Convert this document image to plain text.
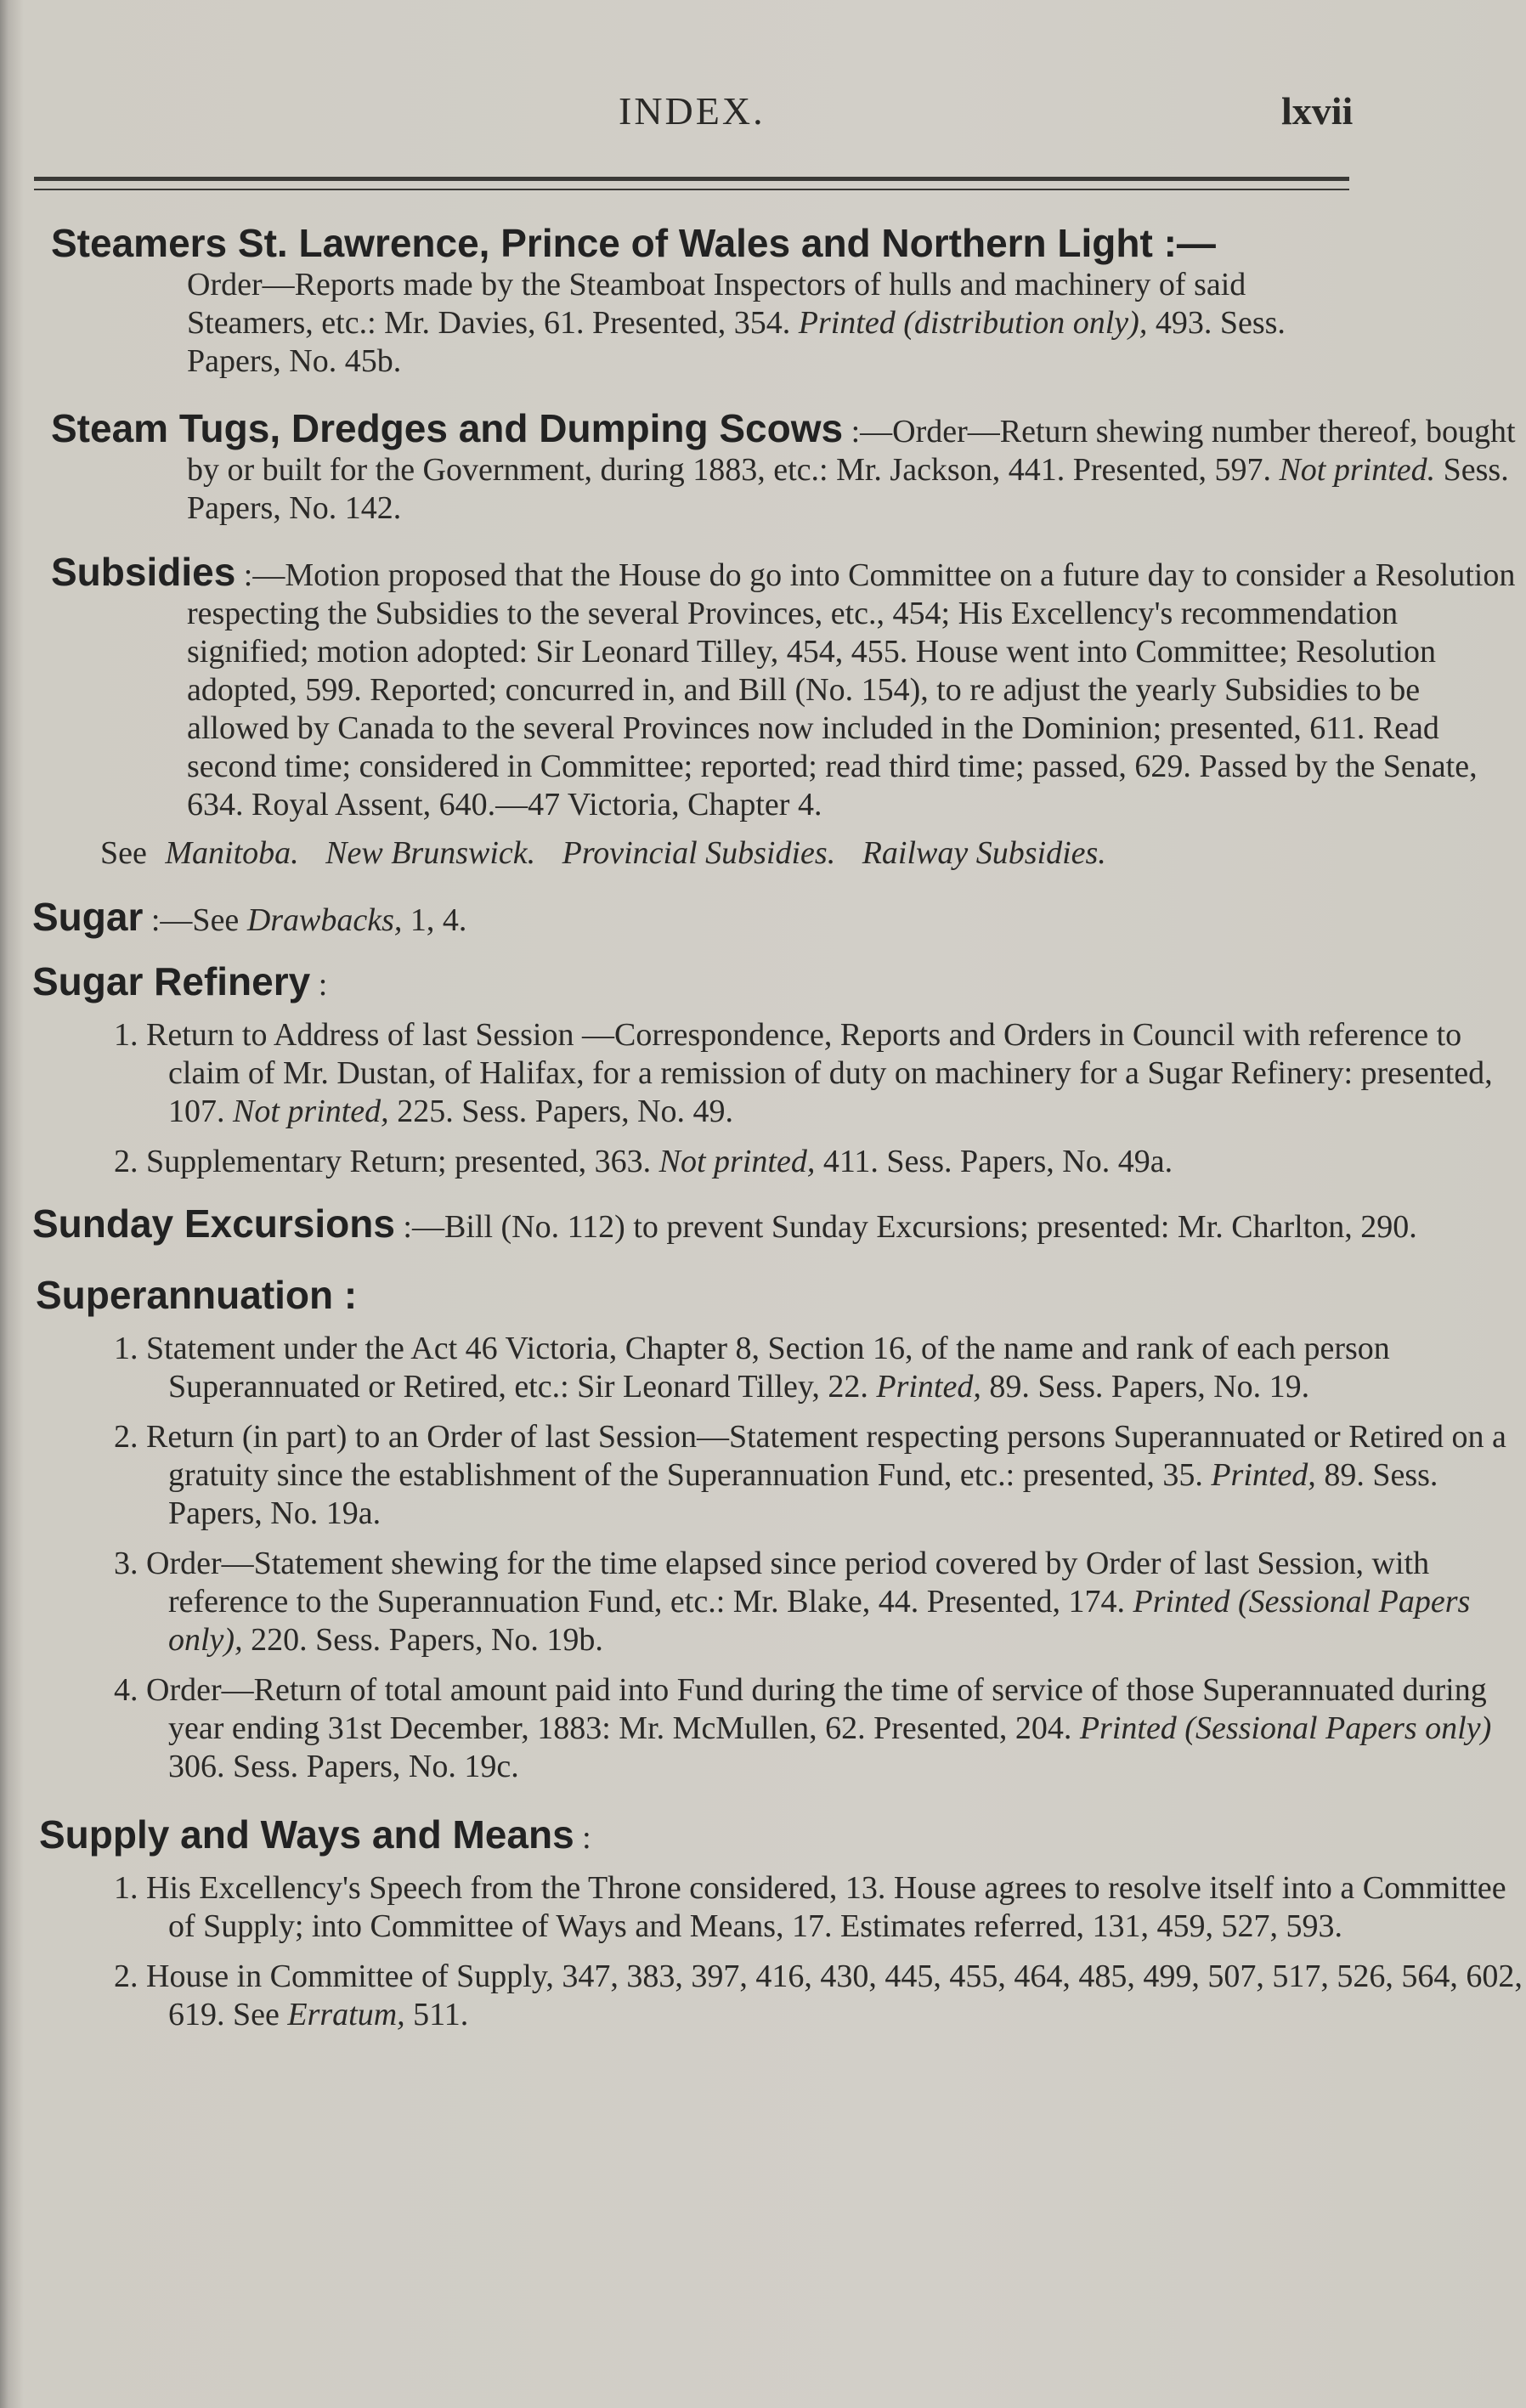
INDEX.	lxvii
Steamers St. Lawrence, Prince of Wales and Northern Light :—
Order—Reports made by the Steamboat Inspectors of hulls and machinery of said Steamers, etc.: Mr. Davies, 61. Presented, 354. Printed (distribution only), 493. Sess. Papers, No. 45b.
Steam Tugs, Dredges and Dumping Scows :—Order—Return shewing number thereof, bought by or built for the Government, during 1883, etc.: Mr. Jackson, 441. Presented, 597. Not printed. Sess. Papers, No. 142.
Subsidies :—Motion proposed that the House do go into Committee on a future day to consider a Resolution respecting the Subsidies to the several Provinces, etc., 454; His Excellency's recommendation signified; motion adopted: Sir Leonard Tilley, 454, 455. House went into Committee; Resolution adopted, 599. Reported; concurred in, and Bill (No. 154), to re adjust the yearly Subsidies to be allowed by Canada to the several Provinces now included in the Dominion; presented, 611. Read second time; considered in Committee; reported; read third time; passed, 629. Passed by the Senate, 634. Royal Assent, 640.—47 Victoria, Chapter 4.
See Manitoba. New Brunswick. Provincial Subsidies. Railway Subsidies.
Sugar :—See Drawbacks, 1, 4.
Sugar Refinery :
1. Return to Address of last Session —Correspondence, Reports and Orders in Council with reference to claim of Mr. Dustan, of Halifax, for a remission of duty on machinery for a Sugar Refinery: presented, 107. Not printed, 225. Sess. Papers, No. 49.
2. Supplementary Return; presented, 363. Not printed, 411. Sess. Papers, No. 49a.
Sunday Excursions :—Bill (No. 112) to prevent Sunday Excursions; presented: Mr. Charlton, 290.
Superannuation :
1. Statement under the Act 46 Victoria, Chapter 8, Section 16, of the name and rank of each person Superannuated or Retired, etc.: Sir Leonard Tilley, 22. Printed, 89. Sess. Papers, No. 19.
2. Return (in part) to an Order of last Session—Statement respecting persons Superannuated or Retired on a gratuity since the establishment of the Superannuation Fund, etc.: presented, 35. Printed, 89. Sess. Papers, No. 19a.
3. Order—Statement shewing for the time elapsed since period covered by Order of last Session, with reference to the Superannuation Fund, etc.: Mr. Blake, 44. Presented, 174. Printed (Sessional Papers only), 220. Sess. Papers, No. 19b.
4. Order—Return of total amount paid into Fund during the time of service of those Superannuated during year ending 31st December, 1883: Mr. McMullen, 62. Presented, 204. Printed (Sessional Papers only) 306. Sess. Papers, No. 19c.
Supply and Ways and Means :
1. His Excellency's Speech from the Throne considered, 13. House agrees to resolve itself into a Committee of Supply; into Committee of Ways and Means, 17. Estimates referred, 131, 459, 527, 593.
2. House in Committee of Supply, 347, 383, 397, 416, 430, 445, 455, 464, 485, 499, 507, 517, 526, 564, 602, 619. See Erratum, 511.
